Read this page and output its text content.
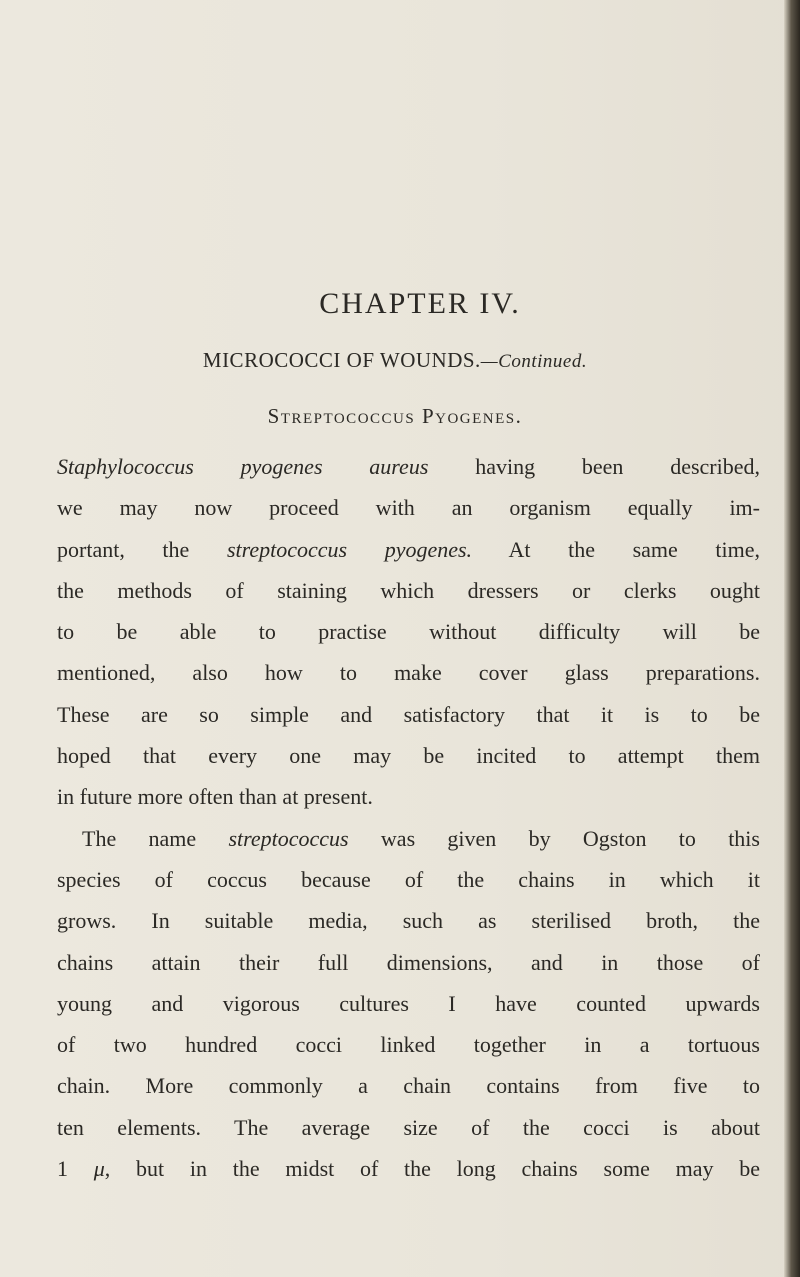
CHAPTER IV.
MICROCOCCI OF WOUNDS.—Continued.
Streptococcus Pyogenes.
Staphylococcus pyogenes aureus having been described,
we may now proceed with an organism equally im-
portant, the streptococcus pyogenes. At the same time,
the methods of staining which dressers or clerks ought
to be able to practise without difficulty will be
mentioned, also how to make cover glass preparations.
These are so simple and satisfactory that it is to be
hoped that every one may be incited to attempt them
in future more often than at present.
The name streptococcus was given by Ogston to this
species of coccus because of the chains in which it
grows. In suitable media, such as sterilised broth, the
chains attain their full dimensions, and in those of
young and vigorous cultures I have counted upwards
of two hundred cocci linked together in a tortuous
chain. More commonly a chain contains from five to
ten elements. The average size of the cocci is about
1 μ, but in the midst of the long chains some may be
